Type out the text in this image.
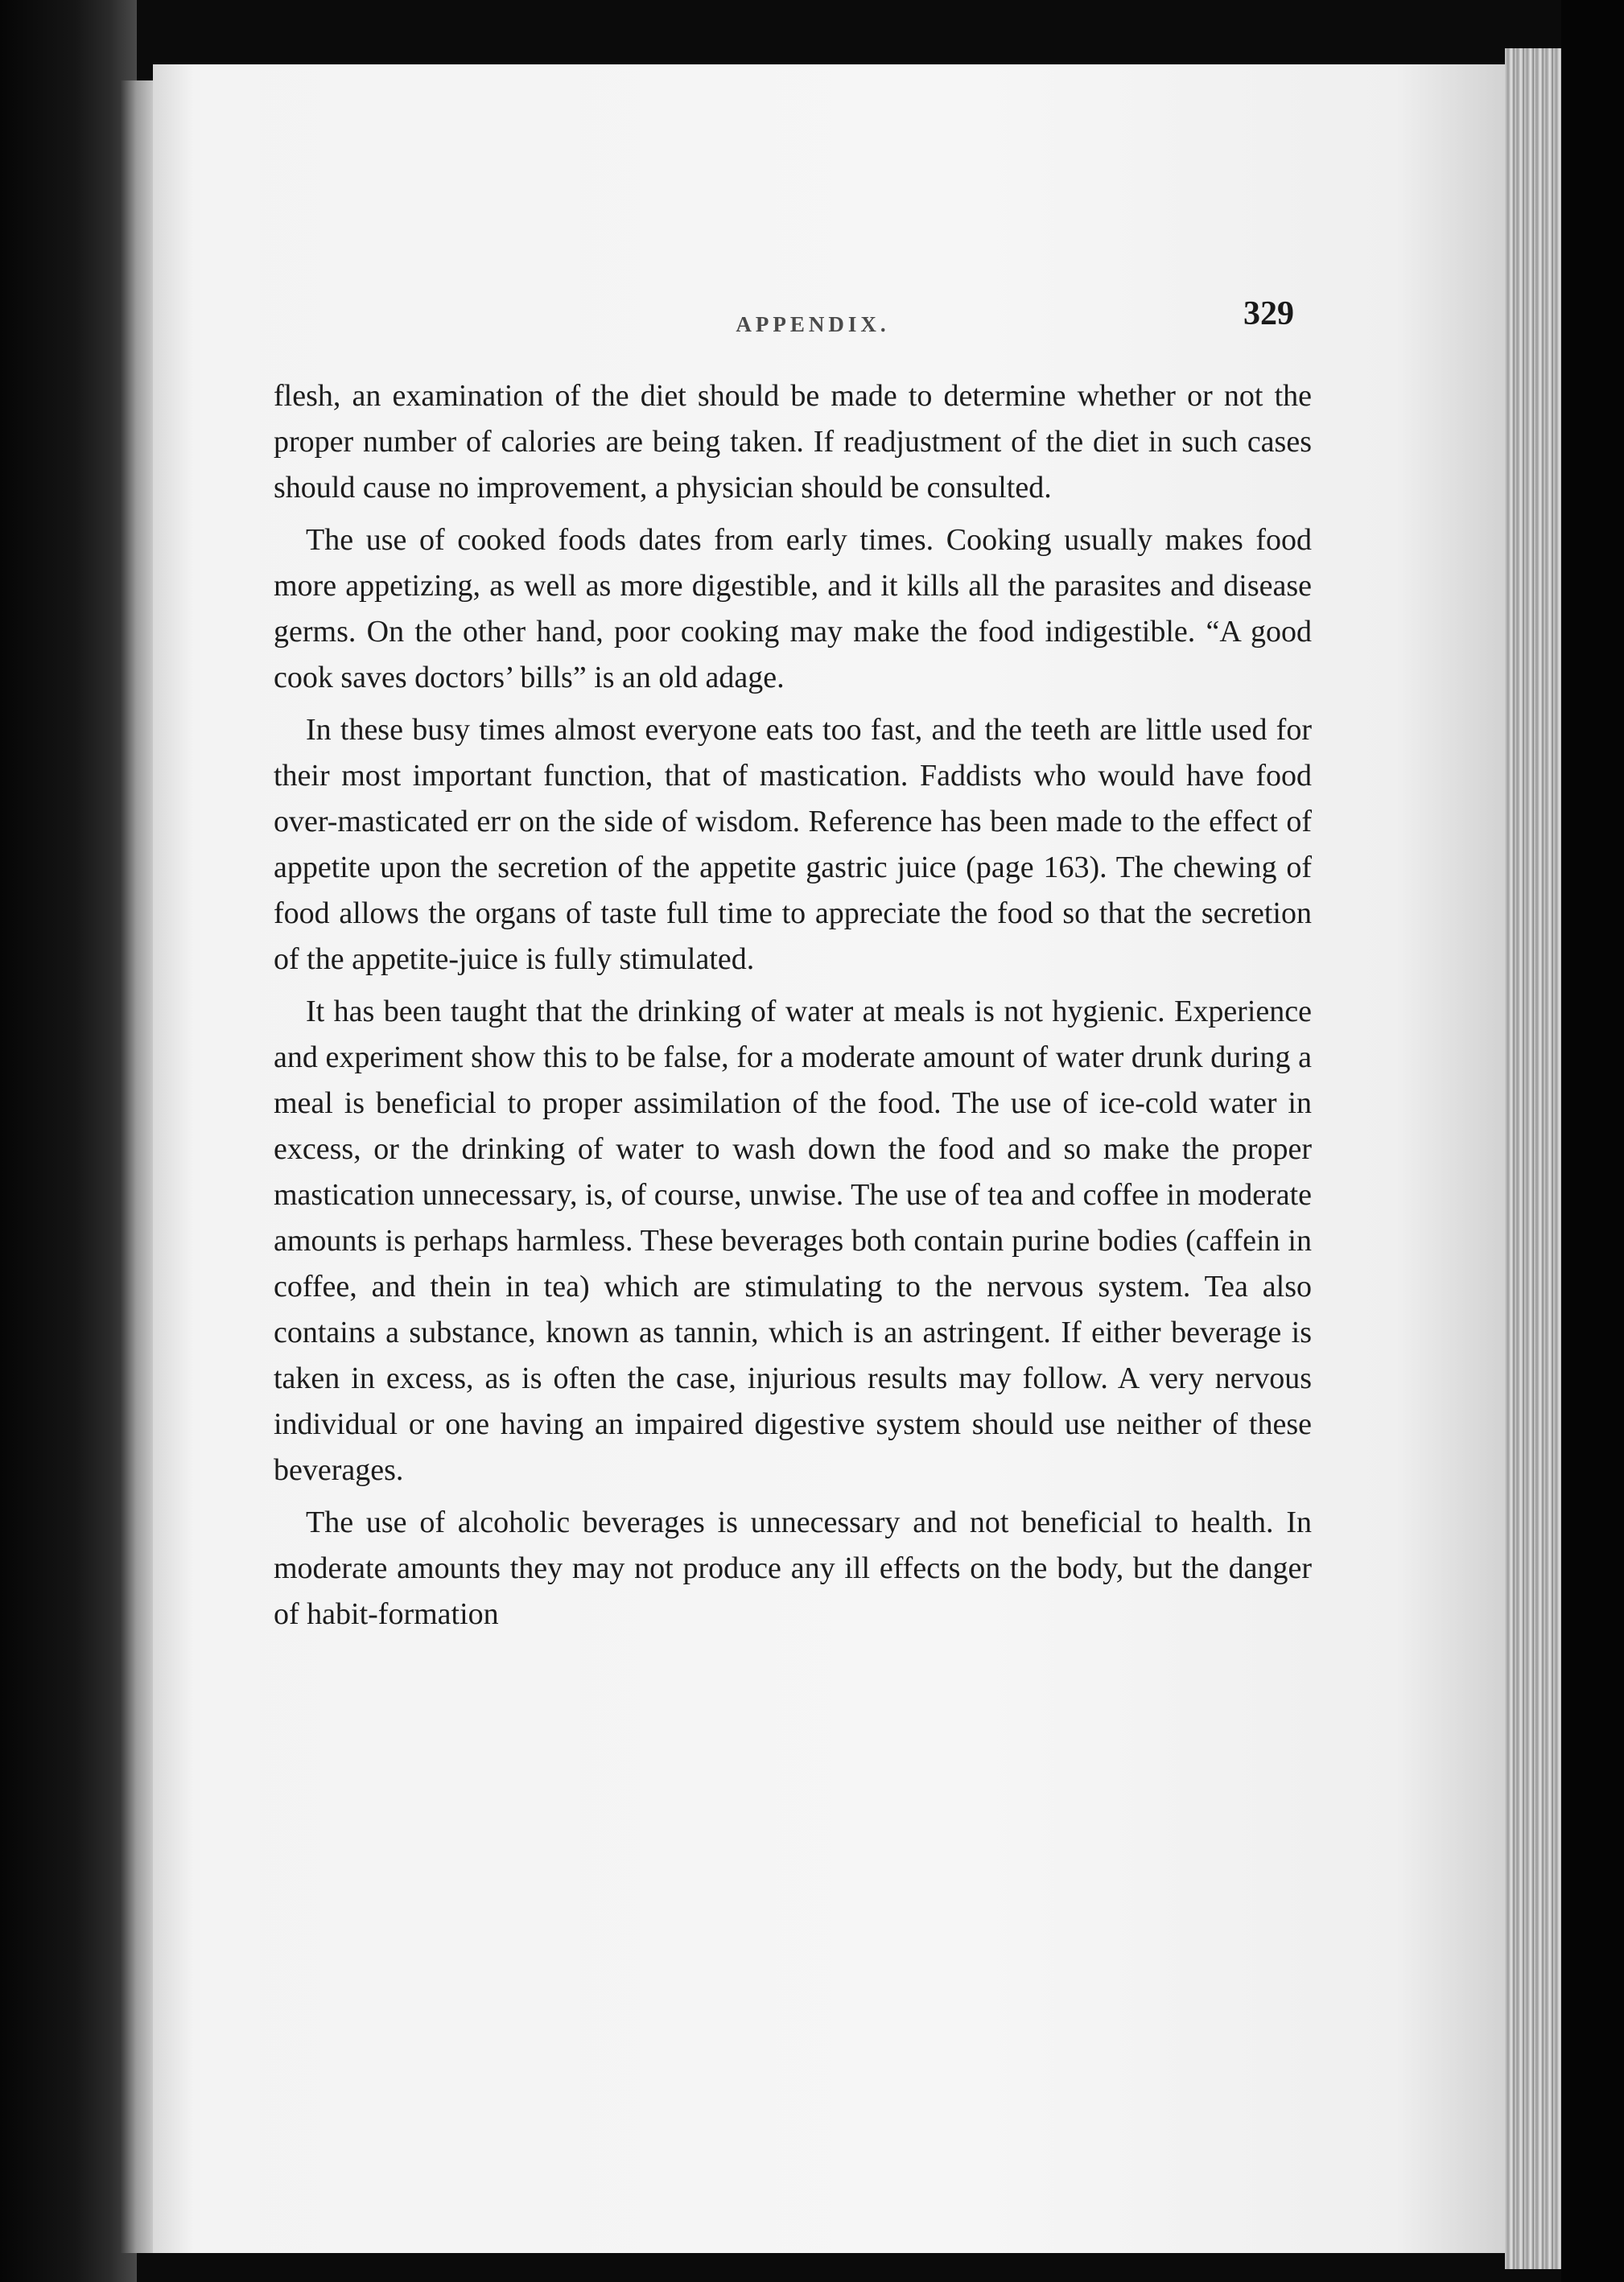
APPENDIX.	329

flesh, an examination of the diet should be made to determine whether or not the proper number of calories are being taken. If readjustment of the diet in such cases should cause no improvement, a physician should be consulted.

The use of cooked foods dates from early times. Cooking usually makes food more appetizing, as well as more digestible, and it kills all the parasites and disease germs. On the other hand, poor cooking may make the food indigestible. “A good cook saves doctors’ bills” is an old adage.

In these busy times almost everyone eats too fast, and the teeth are little used for their most important function, that of mastication. Faddists who would have food over-masticated err on the side of wisdom. Reference has been made to the effect of appetite upon the secretion of the appetite gastric juice (page 163). The chewing of food allows the organs of taste full time to appreciate the food so that the secretion of the appetite-juice is fully stimulated.

It has been taught that the drinking of water at meals is not hygienic. Experience and experiment show this to be false, for a moderate amount of water drunk during a meal is beneficial to proper assimilation of the food. The use of ice-cold water in excess, or the drinking of water to wash down the food and so make the proper mastication unnecessary, is, of course, unwise. The use of tea and coffee in moderate amounts is perhaps harmless. These beverages both contain purine bodies (caffein in coffee, and thein in tea) which are stimulating to the nervous system. Tea also contains a substance, known as tannin, which is an astringent. If either beverage is taken in excess, as is often the case, injurious results may follow. A very nervous individual or one having an impaired digestive system should use neither of these beverages.

The use of alcoholic beverages is unnecessary and not beneficial to health. In moderate amounts they may not produce any ill effects on the body, but the danger of habit-formation
